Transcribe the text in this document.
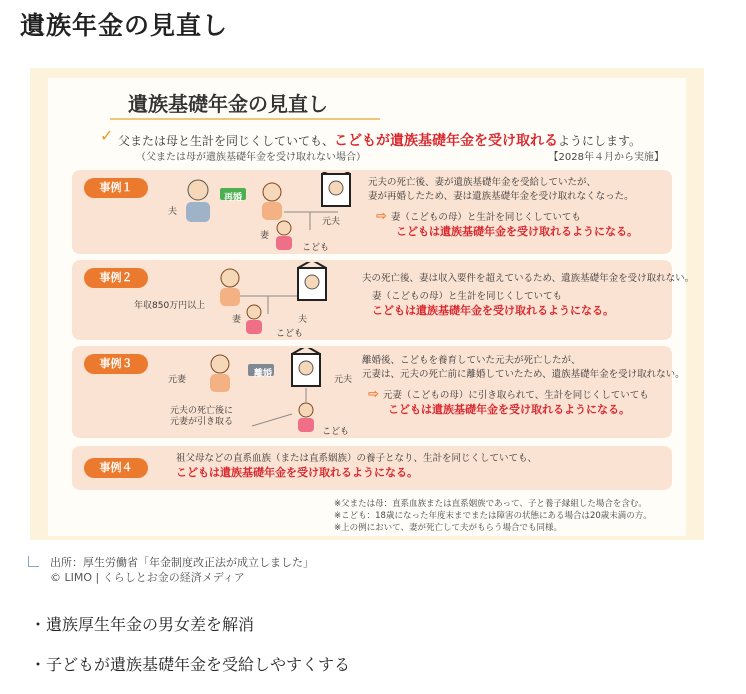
遺族年金の見直し
遺族基礎年金の見直し
✓ 父または母と生計を同じくしていても、こどもが遺族基礎年金を受け取れるようにします。
（父または母が遺族基礎年金を受け取れない場合）	【2028年４月から実施】
事例１
夫
再婚
妻
元夫
こども
元夫の死亡後、妻が遺族基礎年金を受給していたが、
妻が再婚したため、妻は遺族基礎年金を受け取れなくなった。
⇨ 妻（こどもの母）と生計を同じくしていても
こどもは遺族基礎年金を受け取れるようになる。
事例２
年収850万円以上
妻	夫
こども
夫の死亡後、妻は収入要件を超えているため、遺族基礎年金を受け取れない。
妻（こどもの母）と生計を同じくしていても
こどもは遺族基礎年金を受け取れるようになる。
事例３
元妻
離婚
元夫
元夫の死亡後に
元妻が引き取る
こども
離婚後、こどもを養育していた元夫が死亡したが、
元妻は、元夫の死亡前に離婚していたため、遺族基礎年金を受け取れない。
⇨ 元妻（こどもの母）に引き取られて、生計を同じくしていても
こどもは遺族基礎年金を受け取れるようになる。
事例４
祖父母などの直系血族（または直系姻族）の養子となり、生計を同じくしていても、
こどもは遺族基礎年金を受け取れるようになる。
※父または母：直系血族または直系姻族であって、子と養子縁組した場合を含む。
※こども：18歳になった年度末までまたは障害の状態にある場合は20歳未満の方。
※上の例において、妻が死亡して夫がもらう場合でも同様。
出所：厚生労働省「年金制度改正法が成立しました」
© LIMO | くらしとお金の経済メディア
・遺族厚生年金の男女差を解消
・子どもが遺族基礎年金を受給しやすくする
